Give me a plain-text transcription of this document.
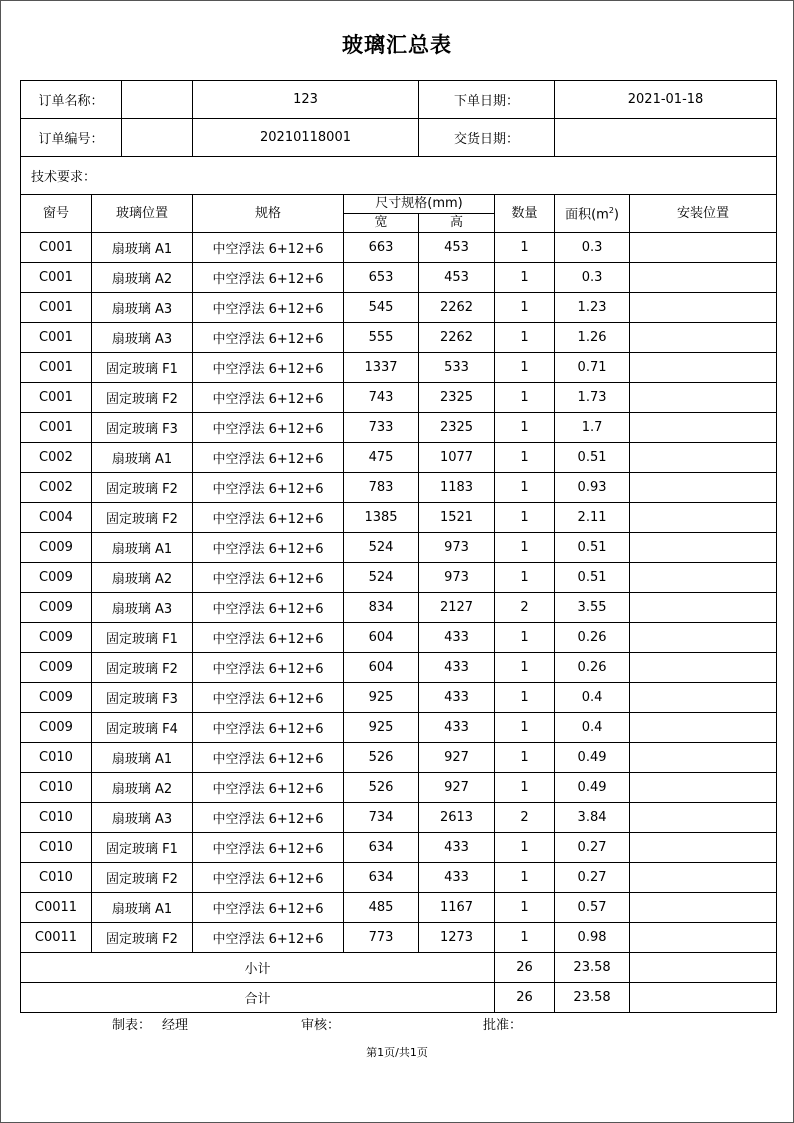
玻璃汇总表
订单名称：		123		下单日期：		2021-01-18	

订单编号：		20210118001		交货日期：			
技术要求：							
窗号	玻璃位置	规格	尺寸规格(mm)		数量	面积$(m^2)$	安装位置
			宽	高			
C001	扇玻璃 A1	中空浮法 6+12+6	663	453	1	0.3	
C001	扇玻璃 A2	中空浮法 6+12+6	653	453	1	0.3	
C001	扇玻璃 A3	中空浮法 6+12+6	545	2262	1	1.23	
C001	扇玻璃 A3	中空浮法 6+12+6	555	2262	1	1.26	
C001	固定玻璃 F1	中空浮法 6+12+6	1337	533	1	0.71	
C001	固定玻璃 F2	中空浮法 6+12+6	743	2325	1	1.73	
C001	固定玻璃 F3	中空浮法 6+12+6	733	2325	1	1.7	
C002	扇玻璃 A1	中空浮法 6+12+6	475	1077	1	0.51	
C002	固定玻璃 F2	中空浮法 6+12+6	783	1183	1	0.93	
C004	固定玻璃 F2	中空浮法 6+12+6	1385	1521	1	2.11	
C009	扇玻璃 A1	中空浮法 6+12+6	524	973	1	0.51	
C009	扇玻璃 A2	中空浮法 6+12+6	524	973	1	0.51	
C009	扇玻璃 A3	中空浮法 6+12+6	834	2127	2	3.55	
C009	固定玻璃 F1	中空浮法 6+12+6	604	433	1	0.26	
C009	固定玻璃 F2	中空浮法 6+12+6	604	433	1	0.26	
C009	固定玻璃 F3	中空浮法 6+12+6	925	433	1	0.4	
C009	固定玻璃 F4	中空浮法 6+12+6	925	433	1	0.4	
C010	扇玻璃 A1	中空浮法 6+12+6	526	927	1	0.49	
C010	扇玻璃 A2	中空浮法 6+12+6	526	927	1	0.49	
C010	扇玻璃 A3	中空浮法 6+12+6	734	2613	2	3.84	
C010	固定玻璃 F1	中空浮法 6+12+6	634	433	1	0.27	
C010	固定玻璃 F2	中空浮法 6+12+6	634	433	1	0.27	
C0011	扇玻璃 A1	中空浮法 6+12+6	485	1167	1	0.57	
C0011	固定玻璃 F2	中空浮法 6+12+6	773	1273	1	0.98	
小计					26	23.58	
合计					26	23.58	
制表： 经理	审核：	批准：
第1页/共1页
